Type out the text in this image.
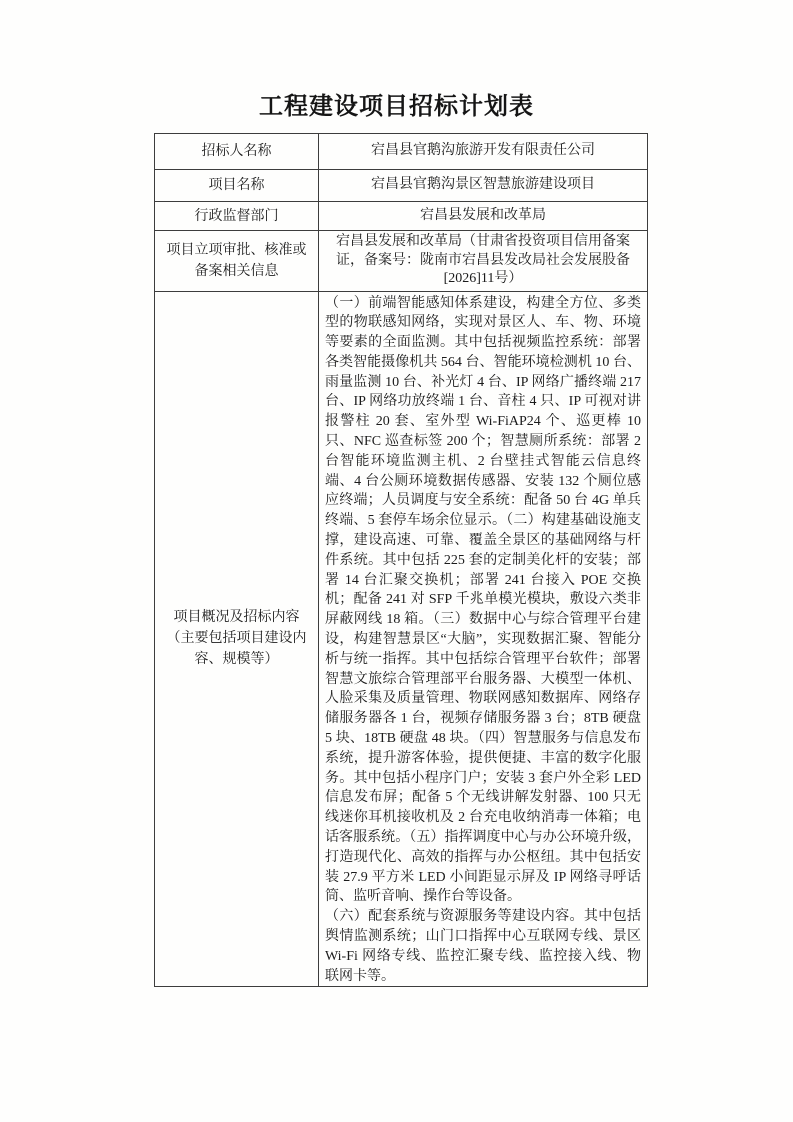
工程建设项目招标计划表
招标人名称	宕昌县官鹅沟旅游开发有限责任公司
项目名称	宕昌县官鹅沟景区智慧旅游建设项目
行政监督部门	宕昌县发展和改革局
项目立项审批、核准或备案相关信息	宕昌县发展和改革局（甘肃省投资项目信用备案证，备案号：陇南市宕昌县发改局社会发展股备[2026]11号）
项目概况及招标内容（主要包括项目建设内容、规模等）	（一）前端智能感知体系建设，构建全方位、多类型的物联感知网络，实现对景区人、车、物、环境等要素的全面监测。其中包括视频监控系统：部署各类智能摄像机共 564 台、智能环境检测机 10 台、雨量监测 10 台、补光灯 4 台、IP 网络广播终端 217 台、IP 网络功放终端 1 台、音柱 4 只、IP 可视对讲报警柱 20 套、室外型 Wi-FiAP24 个、巡更棒 10 只、NFC 巡查标签 200 个；智慧厕所系统：部署 2 台智能环境监测主机、2 台壁挂式智能云信息终端、4 台公厕环境数据传感器、安装 132 个厕位感应终端；人员调度与安全系统：配备 50 台 4G 单兵终端、5 套停车场余位显示。（二）构建基础设施支撑，建设高速、可靠、覆盖全景区的基础网络与杆件系统。其中包括 225 套的定制美化杆的安装；部署 14 台汇聚交换机；部署 241 台接入 POE 交换机；配备 241 对 SFP 千兆单模光模块，敷设六类非屏蔽网线 18 箱。（三）数据中心与综合管理平台建设，构建智慧景区“大脑”，实现数据汇聚、智能分析与统一指挥。其中包括综合管理平台软件；部署智慧文旅综合管理部平台服务器、大模型一体机、人脸采集及质量管理、物联网感知数据库、网络存储服务器各 1 台，视频存储服务器 3 台；8TB 硬盘 5 块、18TB 硬盘 48 块。（四）智慧服务与信息发布系统，提升游客体验，提供便捷、丰富的数字化服务。其中包括小程序门户；安装 3 套户外全彩 LED 信息发布屏；配备 5 个无线讲解发射器、100 只无线迷你耳机接收机及 2 台充电收纳消毒一体箱；电话客服系统。（五）指挥调度中心与办公环境升级，打造现代化、高效的指挥与办公枢纽。其中包括安装 27.9 平方米 LED 小间距显示屏及 IP 网络寻呼话筒、监听音响、操作台等设备。

（六）配套系统与资源服务等建设内容。其中包括舆情监测系统；山门口指挥中心互联网专线、景区 Wi-Fi 网络专线、监控汇聚专线、监控接入线、物联网卡等。
